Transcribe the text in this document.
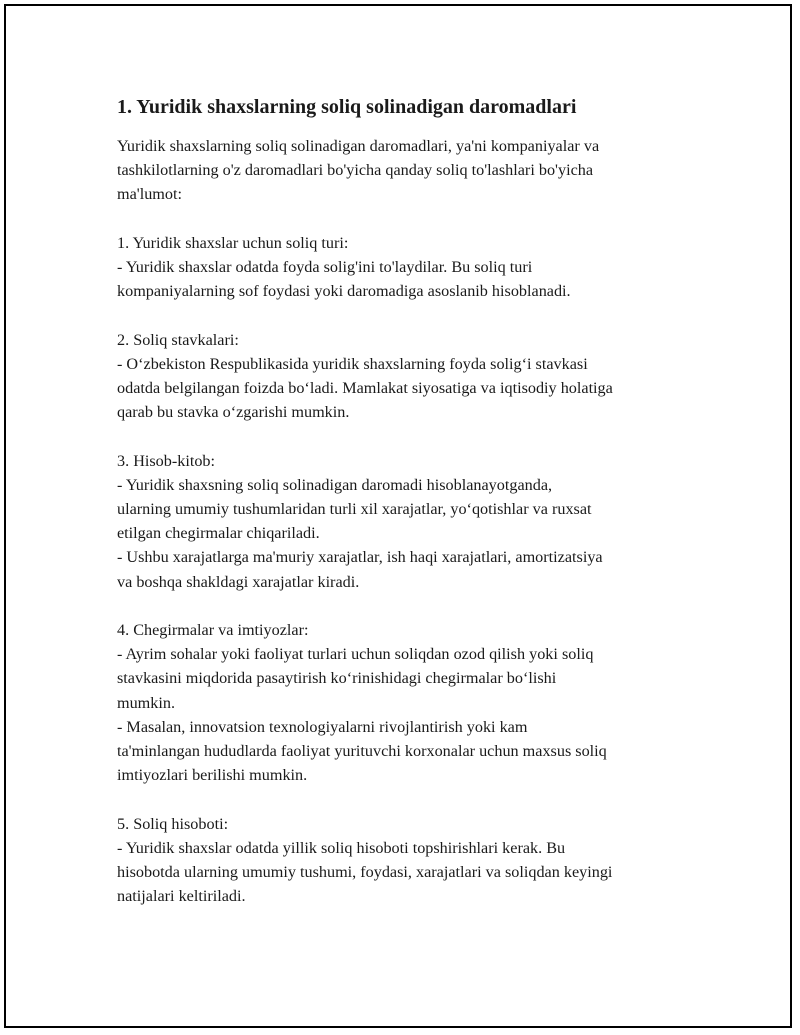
1. Yuridik shaxslarning soliq solinadigan daromadlari

Yuridik shaxslarning soliq solinadigan daromadlari, ya'ni kompaniyalar va

tashkilotlarning o'z daromadlari bo'yicha qanday soliq to'lashlari bo'yicha

ma'lumot:

1. Yuridik shaxslar uchun soliq turi:

- Yuridik shaxslar odatda foyda solig'ini to'laydilar. Bu soliq turi

kompaniyalarning sof foydasi yoki daromadiga asoslanib hisoblanadi.

2. Soliq stavkalari:

- O‘zbekiston Respublikasida yuridik shaxslarning foyda solig‘i stavkasi

odatda belgilangan foizda bo‘ladi. Mamlakat siyosatiga va iqtisodiy holatiga

qarab bu stavka o‘zgarishi mumkin.

3. Hisob-kitob:

- Yuridik shaxsning soliq solinadigan daromadi hisoblanayotganda,

ularning umumiy tushumlaridan turli xil xarajatlar, yo‘qotishlar va ruxsat

etilgan chegirmalar chiqariladi.

- Ushbu xarajatlarga ma'muriy xarajatlar, ish haqi xarajatlari, amortizatsiya

va boshqa shakldagi xarajatlar kiradi.

4. Chegirmalar va imtiyozlar:

- Ayrim sohalar yoki faoliyat turlari uchun soliqdan ozod qilish yoki soliq

stavkasini miqdorida pasaytirish ko‘rinishidagi chegirmalar bo‘lishi

mumkin.

- Masalan, innovatsion texnologiyalarni rivojlantirish yoki kam

ta'minlangan hududlarda faoliyat yurituvchi korxonalar uchun maxsus soliq

imtiyozlari berilishi mumkin.

5. Soliq hisoboti:

- Yuridik shaxslar odatda yillik soliq hisoboti topshirishlari kerak. Bu

hisobotda ularning umumiy tushumi, foydasi, xarajatlari va soliqdan keyingi

natijalari keltiriladi.
